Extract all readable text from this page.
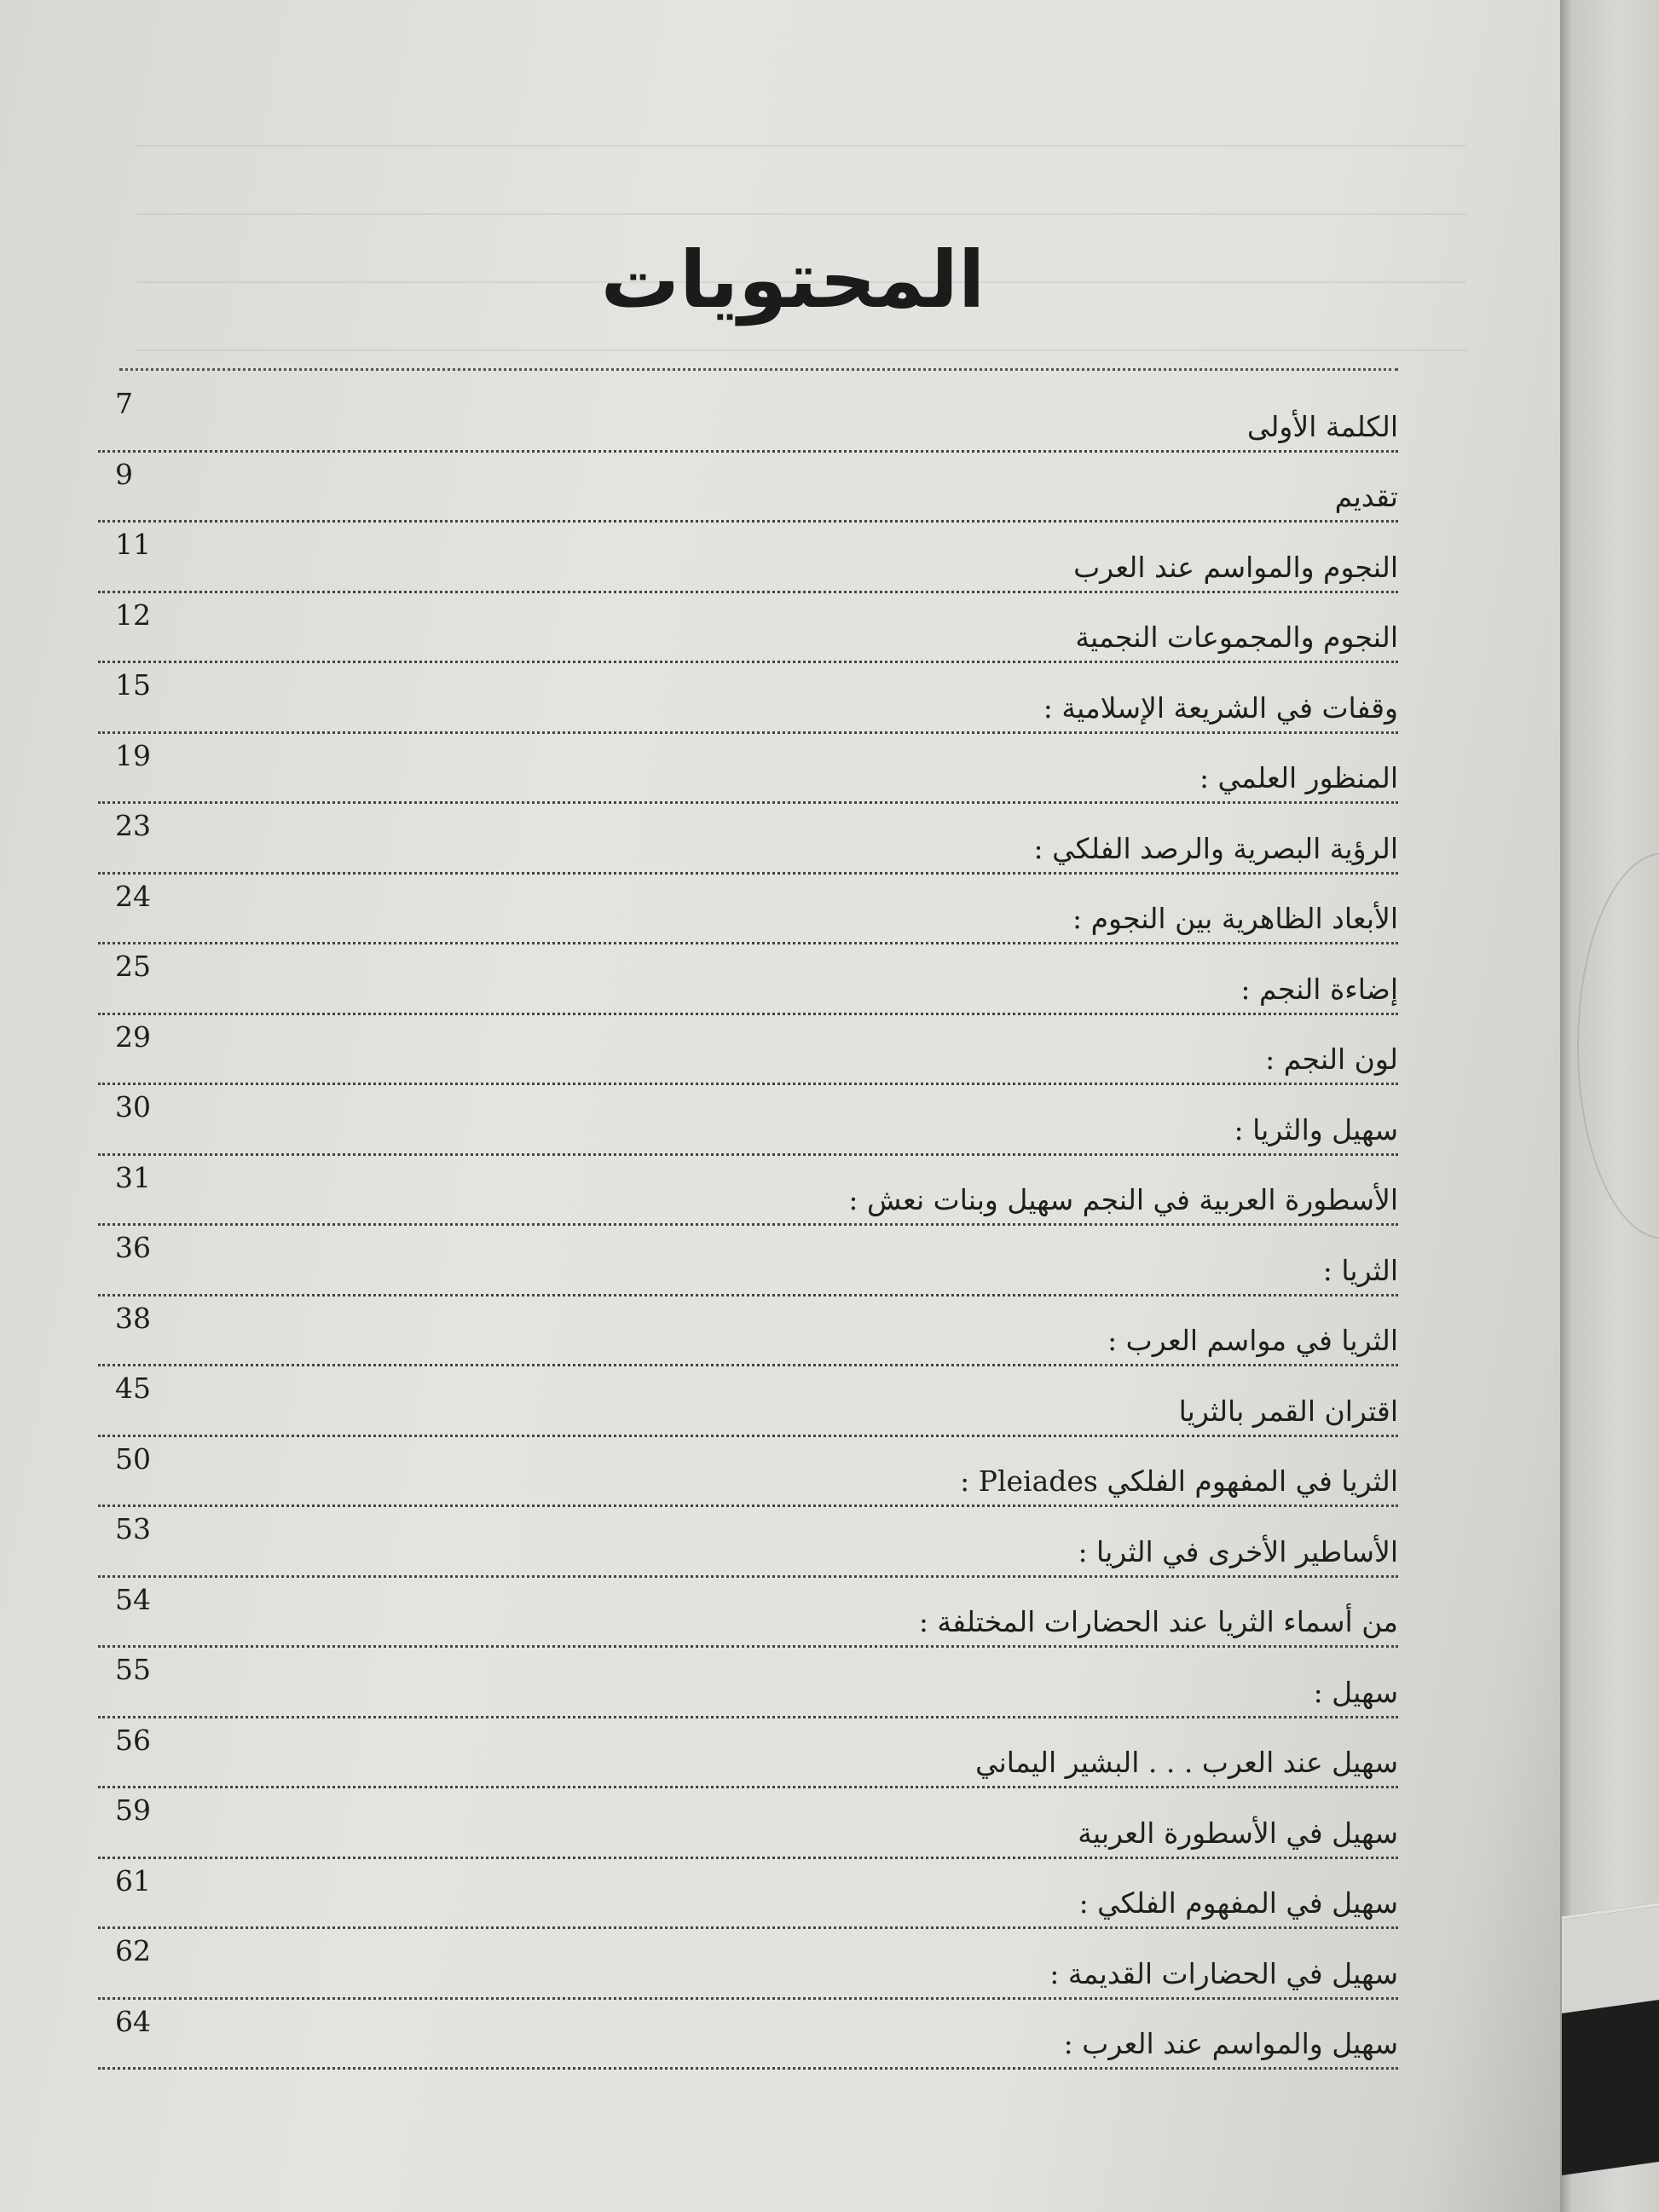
المحتويات
الكلمة الأولى
7
تقديم
9
النجوم والمواسم عند العرب
11
النجوم والمجموعات النجمية
12
وقفات في الشريعة الإسلامية :
15
المنظور العلمي :
19
الرؤية البصرية والرصد الفلكي :
23
الأبعاد الظاهرية بين النجوم :
24
إضاءة النجم :
25
لون النجم :
29
سهيل والثريا :
30
الأسطورة العربية في النجم سهيل وبنات نعش :
31
الثريا :
36
الثريا في مواسم العرب :
38
اقتران القمر بالثريا
45
الثريا في المفهوم الفلكي Pleiades :
50
الأساطير الأخرى في الثريا :
53
من أسماء الثريا عند الحضارات المختلفة :
54
سهيل :
55
سهيل عند العرب . . . البشير اليماني
56
سهيل في الأسطورة العربية
59
سهيل في المفهوم الفلكي :
61
سهيل في الحضارات القديمة :
62
سهيل والمواسم عند العرب :
64
